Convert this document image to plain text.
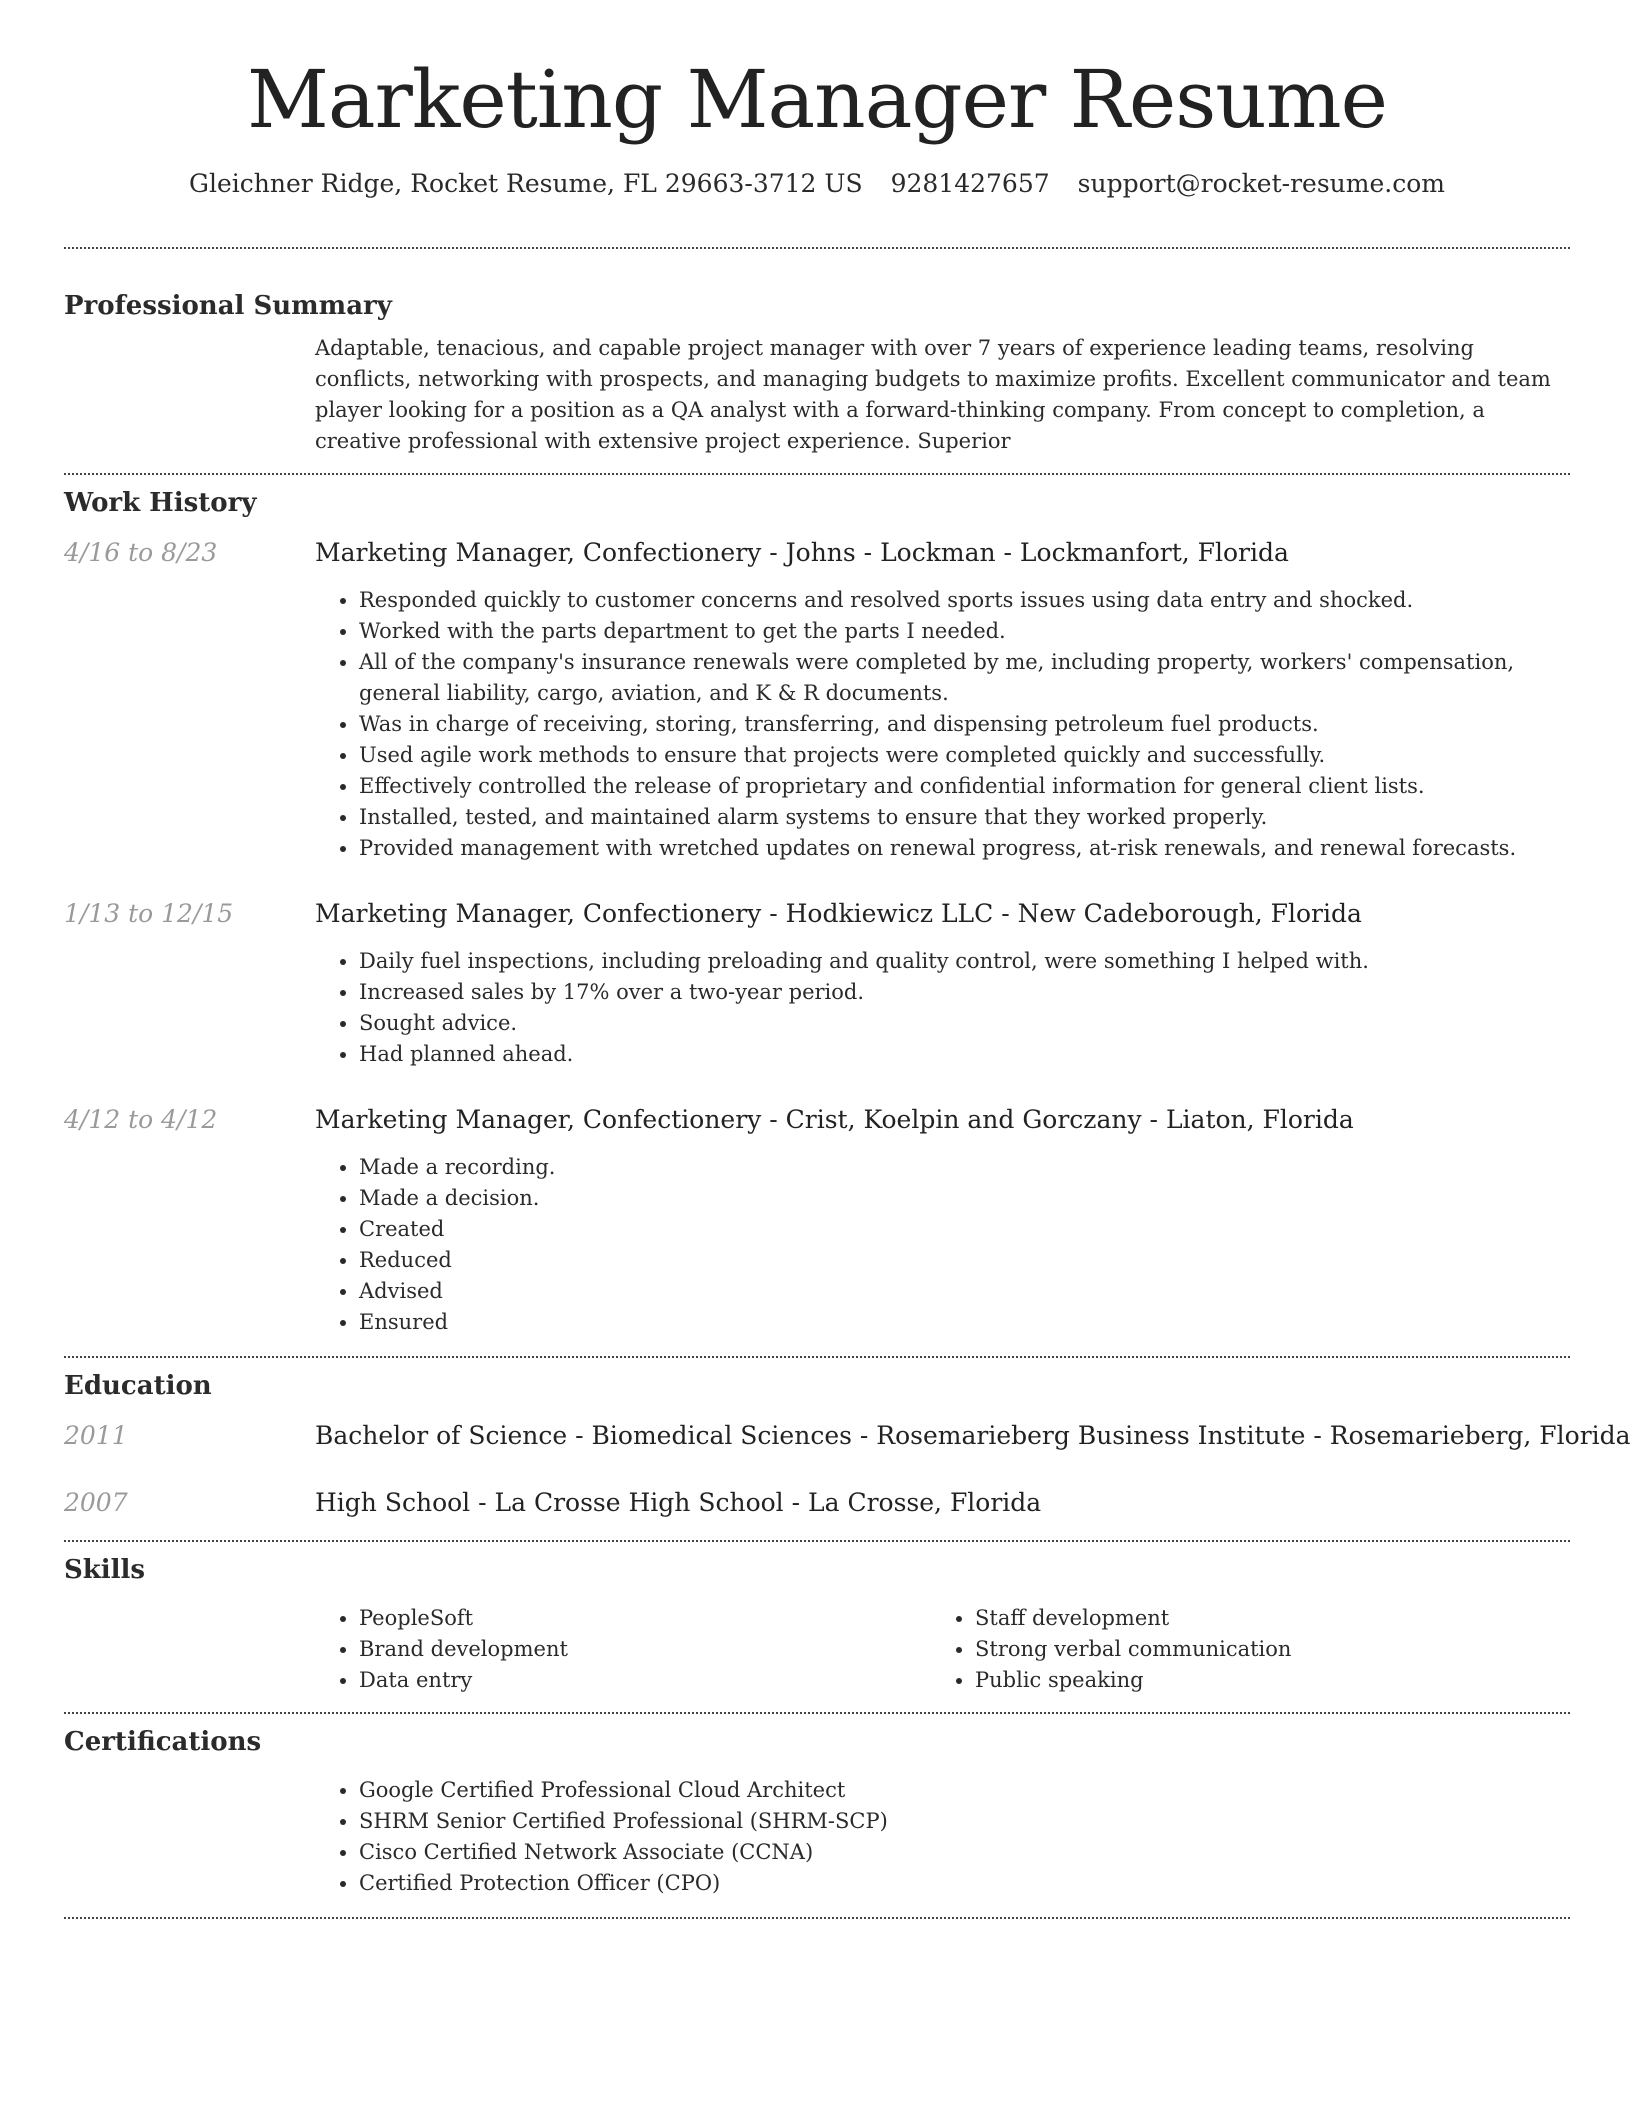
Marketing Manager Resume
Gleichner Ridge, Rocket Resume, FL 29663-3712 US 9281427657 support@rocket-resume.com
Professional Summary

Adaptable, tenacious, and capable project manager with over 7 years of experience leading teams, resolving conflicts, networking with prospects, and managing budgets to maximize profits. Excellent communicator and team player looking for a position as a QA analyst with a forward-thinking company. From concept to completion, a creative professional with extensive project experience. Superior

Work History
4/16 to 8/23	Marketing Manager, Confectionery - Johns - Lockman - Lockmanfort, Florida
• Responded quickly to customer concerns and resolved sports issues using data entry and shocked.
• Worked with the parts department to get the parts I needed.
• All of the company's insurance renewals were completed by me, including property, workers' compensation, general liability, cargo, aviation, and K & R documents.
• Was in charge of receiving, storing, transferring, and dispensing petroleum fuel products.
• Used agile work methods to ensure that projects were completed quickly and successfully.
• Effectively controlled the release of proprietary and confidential information for general client lists.
• Installed, tested, and maintained alarm systems to ensure that they worked properly.
• Provided management with wretched updates on renewal progress, at-risk renewals, and renewal forecasts.
1/13 to 12/15	Marketing Manager, Confectionery - Hodkiewicz LLC - New Cadeborough, Florida
• Daily fuel inspections, including preloading and quality control, were something I helped with.
• Increased sales by 17% over a two-year period.
• Sought advice.
• Had planned ahead.
4/12 to 4/12	Marketing Manager, Confectionery - Crist, Koelpin and Gorczany - Liaton, Florida
• Made a recording.
• Made a decision.
• Created
• Reduced
• Advised
• Ensured
Education
2011	Bachelor of Science - Biomedical Sciences - Rosemarieberg Business Institute - Rosemarieberg, Florida
2007	High School - La Crosse High School - La Crosse, Florida
Skills
• PeopleSoft
• Brand development
• Data entry
• Staff development
• Strong verbal communication
• Public speaking
Certifications
• Google Certified Professional Cloud Architect
• SHRM Senior Certified Professional (SHRM-SCP)
• Cisco Certified Network Associate (CCNA)
• Certified Protection Officer (CPO)
